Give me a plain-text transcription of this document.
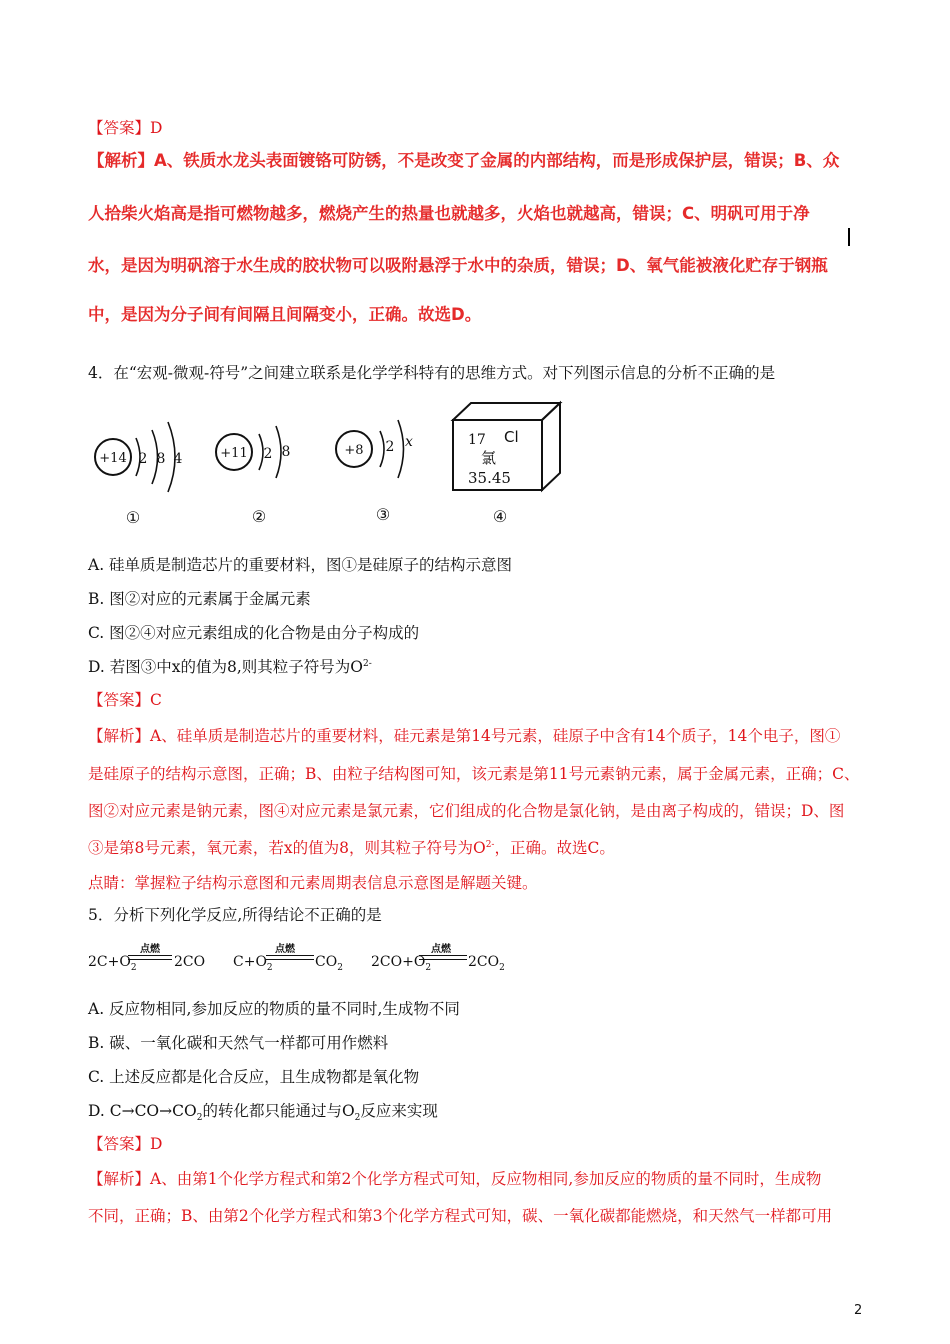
【答案】D
【解析】A、铁质水龙头表面镀铬可防锈，不是改变了金属的内部结构，而是形成保护层，错误；B、众
人拾柴火焰高是指可燃物越多，燃烧产生的热量也就越多，火焰也就越高，错误；C、明矾可用于净
水，是因为明矾溶于水生成的胶状物可以吸附悬浮于水中的杂质，错误；D、氧气能被液化贮存于钢瓶
中，是因为分子间有间隔且间隔变小，正确。故选D。
4．在“宏观-微观-符号”之间建立联系是化学学科特有的思维方式。对下列图示信息的分析不正确的是
+14 2 8 4
①
+11 2 8
②
+8 2 x
③
17 Cl
氯
35.45
④
A. 硅单质是制造芯片的重要材料，图①是硅原子的结构示意图
B. 图②对应的元素属于金属元素
C. 图②④对应元素组成的化合物是由分子构成的
D. 若图③中x的值为8,则其粒子符号为$O^{2-}$
【答案】C
【解析】A、硅单质是制造芯片的重要材料，硅元素是第14号元素，硅原子中含有14个质子，14个电子，图①
是硅原子的结构示意图，正确；B、由粒子结构图可知，该元素是第11号元素钠元素，属于金属元素，正确；C、
图②对应元素是钠元素，图④对应元素是氯元素，它们组成的化合物是氯化钠，是由离子构成的，错误；D、图
③是第8号元素，氧元素，若x的值为8，则其粒子符号为$O^{2-}$，正确。故选C。
点睛：掌握粒子结构示意图和元素周期表信息示意图是解题关键。
5．分析下列化学反应,所得结论不正确的是
$2C+O_2$
点燃
2CO $C+O_2$
点燃
$CO_2$ $2CO+O_2$
点燃
$2CO_2$
A. 反应物相同,参加反应的物质的量不同时,生成物不同
B. 碳、一氧化碳和天然气一样都可用作燃料
C. 上述反应都是化合反应，且生成物都是氧化物
D. $C\to CO\to CO_2$的转化都只能通过与$O_2$反应来实现
【答案】D
【解析】A、由第1个化学方程式和第2个化学方程式可知，反应物相同,参加反应的物质的量不同时，生成物
不同，正确；B、由第2个化学方程式和第3个化学方程式可知，碳、一氧化碳都能燃烧，和天然气一样都可用
2
